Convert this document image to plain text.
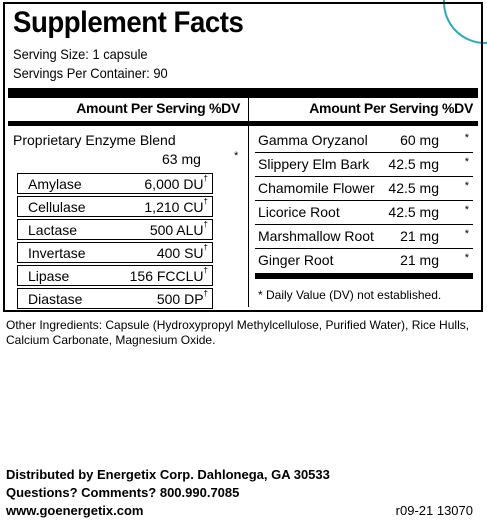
Supplement Facts
Serving Size: 1 capsule
Servings Per Container: 90
Amount Per Serving %DV	Amount Per Serving %DV
Proprietary Enzyme Blend
63 mg	*
Amylase	6,000 DU†
Cellulase	1,210 CU†
Lactase	500 ALU†
Invertase	400 SU†
Lipase	156 FCCLU†
Diastase	500 DP†
Gamma Oryzanol 60 mg *
Slippery Elm Bark 42.5 mg *
Chamomile Flower 42.5 mg *
Licorice Root	42.5 mg *
Marshmallow Root 21 mg *
Ginger Root	21 mg *
* Daily Value (DV) not established.
Other Ingredients: Capsule (Hydroxypropyl Methylcellulose, Purified Water), Rice Hulls, Calcium Carbonate, Magnesium Oxide.
Distributed by Energetix Corp. Dahlonega, GA 30533
Questions? Comments? 800.990.7085
www.goenergetix.com	r09-21 13070
